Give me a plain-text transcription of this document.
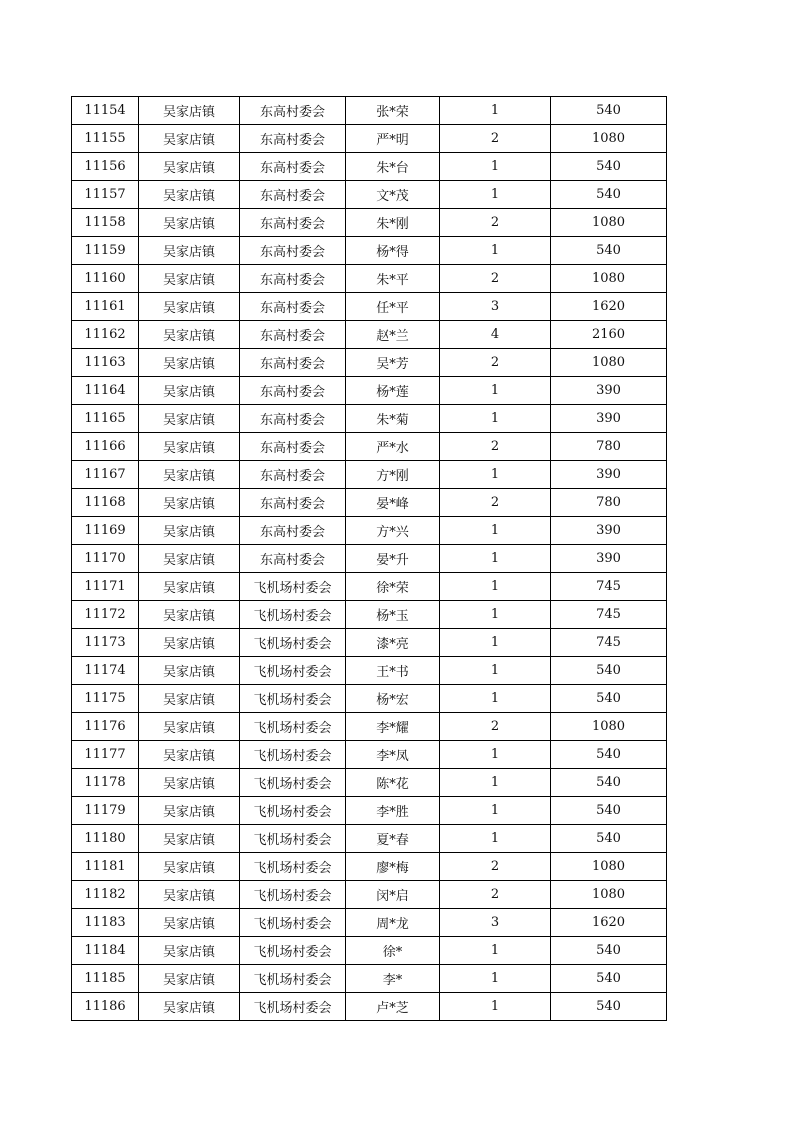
11154	吴家店镇	东高村委会	张*荣	1	540
11155	吴家店镇	东高村委会	严*明	2	1080
11156	吴家店镇	东高村委会	朱*台	1	540
11157	吴家店镇	东高村委会	文*茂	1	540
11158	吴家店镇	东高村委会	朱*刚	2	1080
11159	吴家店镇	东高村委会	杨*得	1	540
11160	吴家店镇	东高村委会	朱*平	2	1080
11161	吴家店镇	东高村委会	任*平	3	1620
11162	吴家店镇	东高村委会	赵*兰	4	2160
11163	吴家店镇	东高村委会	吴*芳	2	1080
11164	吴家店镇	东高村委会	杨*莲	1	390
11165	吴家店镇	东高村委会	朱*菊	1	390
11166	吴家店镇	东高村委会	严*水	2	780
11167	吴家店镇	东高村委会	方*刚	1	390
11168	吴家店镇	东高村委会	晏*峰	2	780
11169	吴家店镇	东高村委会	方*兴	1	390
11170	吴家店镇	东高村委会	晏*升	1	390
11171	吴家店镇	飞机场村委会	徐*荣	1	745
11172	吴家店镇	飞机场村委会	杨*玉	1	745
11173	吴家店镇	飞机场村委会	漆*亮	1	745
11174	吴家店镇	飞机场村委会	王*书	1	540
11175	吴家店镇	飞机场村委会	杨*宏	1	540
11176	吴家店镇	飞机场村委会	李*耀	2	1080
11177	吴家店镇	飞机场村委会	李*凤	1	540
11178	吴家店镇	飞机场村委会	陈*花	1	540
11179	吴家店镇	飞机场村委会	李*胜	1	540
11180	吴家店镇	飞机场村委会	夏*春	1	540
11181	吴家店镇	飞机场村委会	廖*梅	2	1080
11182	吴家店镇	飞机场村委会	闵*启	2	1080
11183	吴家店镇	飞机场村委会	周*龙	3	1620
11184	吴家店镇	飞机场村委会	徐*	1	540
11185	吴家店镇	飞机场村委会	李*	1	540
11186	吴家店镇	飞机场村委会	卢*芝	1	540
